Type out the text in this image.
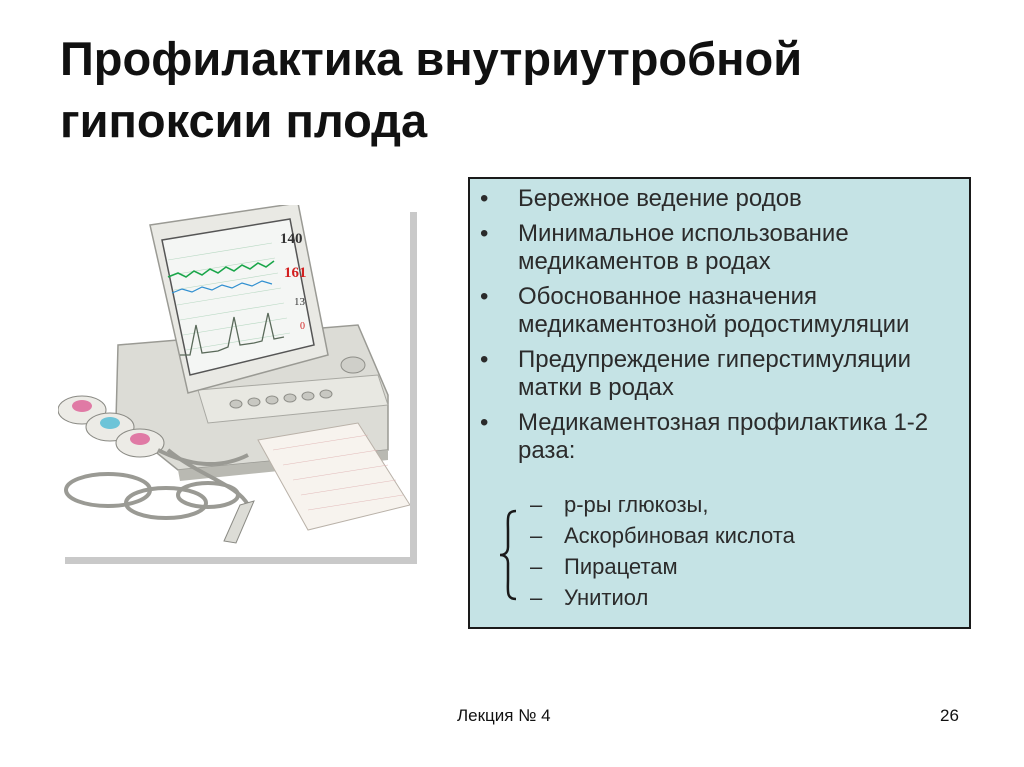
Профилактика внутриутробной
гипоксии плода
140
161
13
0
• Бережное ведение родов
• Минимальное использование медикаментов в родах
• Обоснованное назначения медикаментозной родостимуляции
• Предупреждение гиперстимуляции матки в родах
• Медикаментозная профилактика 1-2 раза:
– р-ры глюкозы,
– Аскорбиновая кислота
– Пирацетам
– Унитиол
Лекция № 4	26
